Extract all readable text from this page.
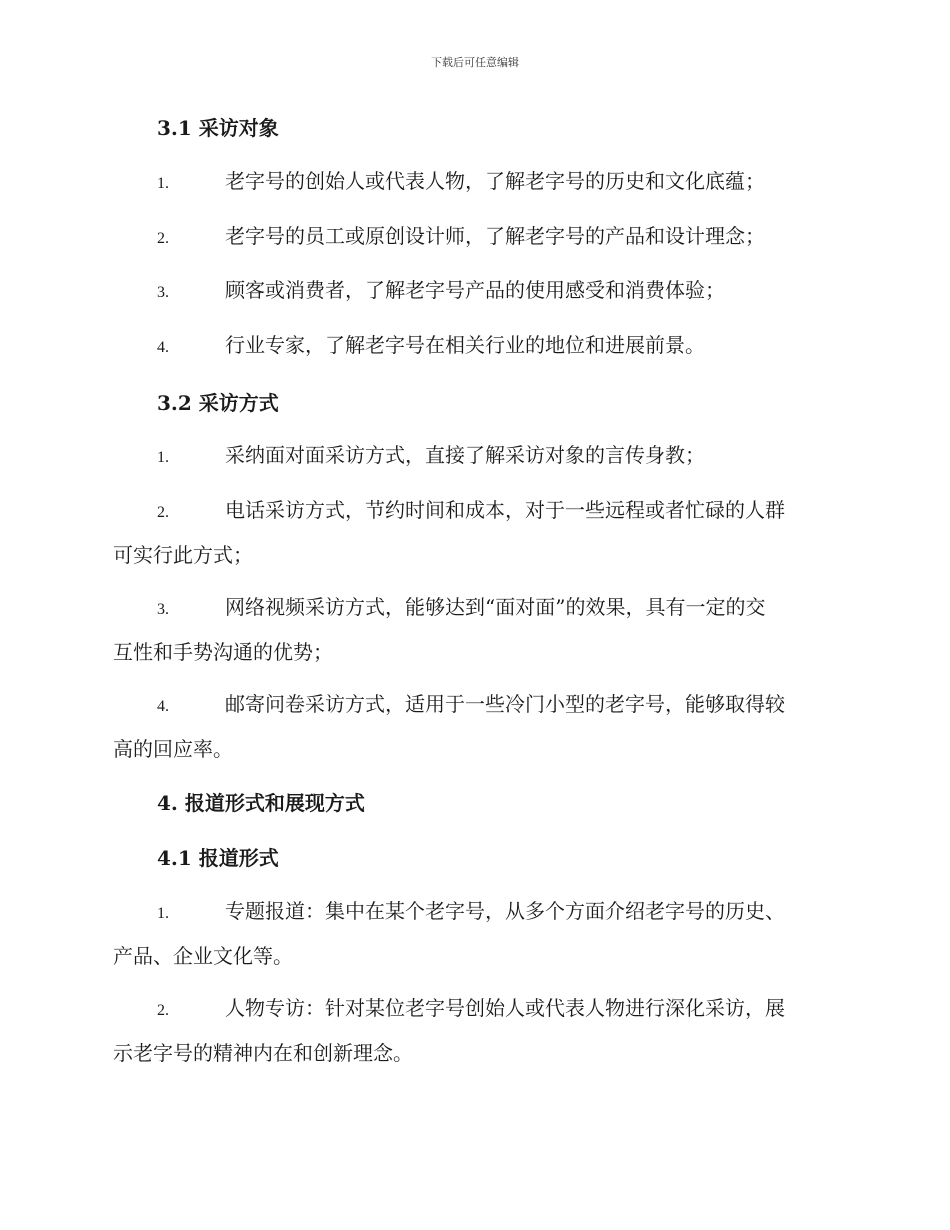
下载后可任意编辑
3.1 采访对象
1.	老字号的创始人或代表人物，了解老字号的历史和文化底蕴；
2.	老字号的员工或原创设计师，了解老字号的产品和设计理念；
3.	顾客或消费者，了解老字号产品的使用感受和消费体验；
4.	行业专家，了解老字号在相关行业的地位和进展前景。
3.2 采访方式
1.	采纳面对面采访方式，直接了解采访对象的言传身教；
2.	电话采访方式，节约时间和成本，对于一些远程或者忙碌的人群
可实行此方式；
3.	网络视频采访方式，能够达到“面对面”的效果，具有一定的交
互性和手势沟通的优势；
4.	邮寄问卷采访方式，适用于一些冷门小型的老字号，能够取得较
高的回应率。
4. 报道形式和展现方式
4.1 报道形式
1.	专题报道：集中在某个老字号，从多个方面介绍老字号的历史、
产品、企业文化等。
2.	人物专访：针对某位老字号创始人或代表人物进行深化采访，展
示老字号的精神内在和创新理念。
